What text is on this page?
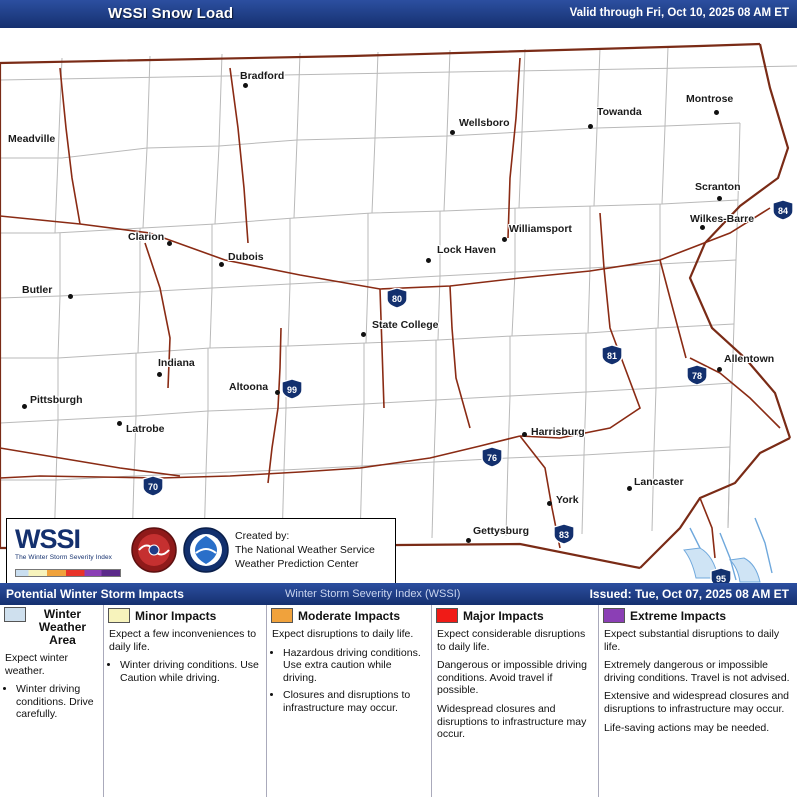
WSSI Snow Load	Valid through Fri, Oct 10, 2025 08 AM ET
Meadville
Bradford
Wellsboro
Towanda
Montrose
Scranton
Wilkes-Barre
Clarion
Dubois
Lock Haven
Williamsport
Butler
State College
Indiana
Altoona
Allentown
Pittsburgh
Latrobe	Harrisburg
Lancaster
York
Gettysburg
84
80
81
78
99
76
70
83
95
WSSI
The Winter Storm Severity Index
Created by:
The National Weather Service
Weather Prediction Center
Potential Winter Storm Impacts	Winter Storm Severity Index (WSSI)	Issued: Tue, Oct 07, 2025 08 AM ET
Winter Weather Area

Expect winter weather.

• Winter driving conditions. Drive carefully.
Minor Impacts

Expect a few inconveniences to daily life.

• Winter driving conditions. Use Caution while driving.
Moderate Impacts

Expect disruptions to daily life.

• Hazardous driving conditions. Use extra caution while driving.
• Closures and disruptions to infrastructure may occur.
Major Impacts

Expect considerable disruptions to daily life.

Dangerous or impossible driving conditions. Avoid travel if possible.

Widespread closures and disruptions to infrastructure may occur.

Extreme Impacts

Expect substantial disruptions to daily life.

Extremely dangerous or impossible driving conditions. Travel is not advised.

Extensive and widespread closures and disruptions to infrastructure may occur.

Life-saving actions may be needed.
